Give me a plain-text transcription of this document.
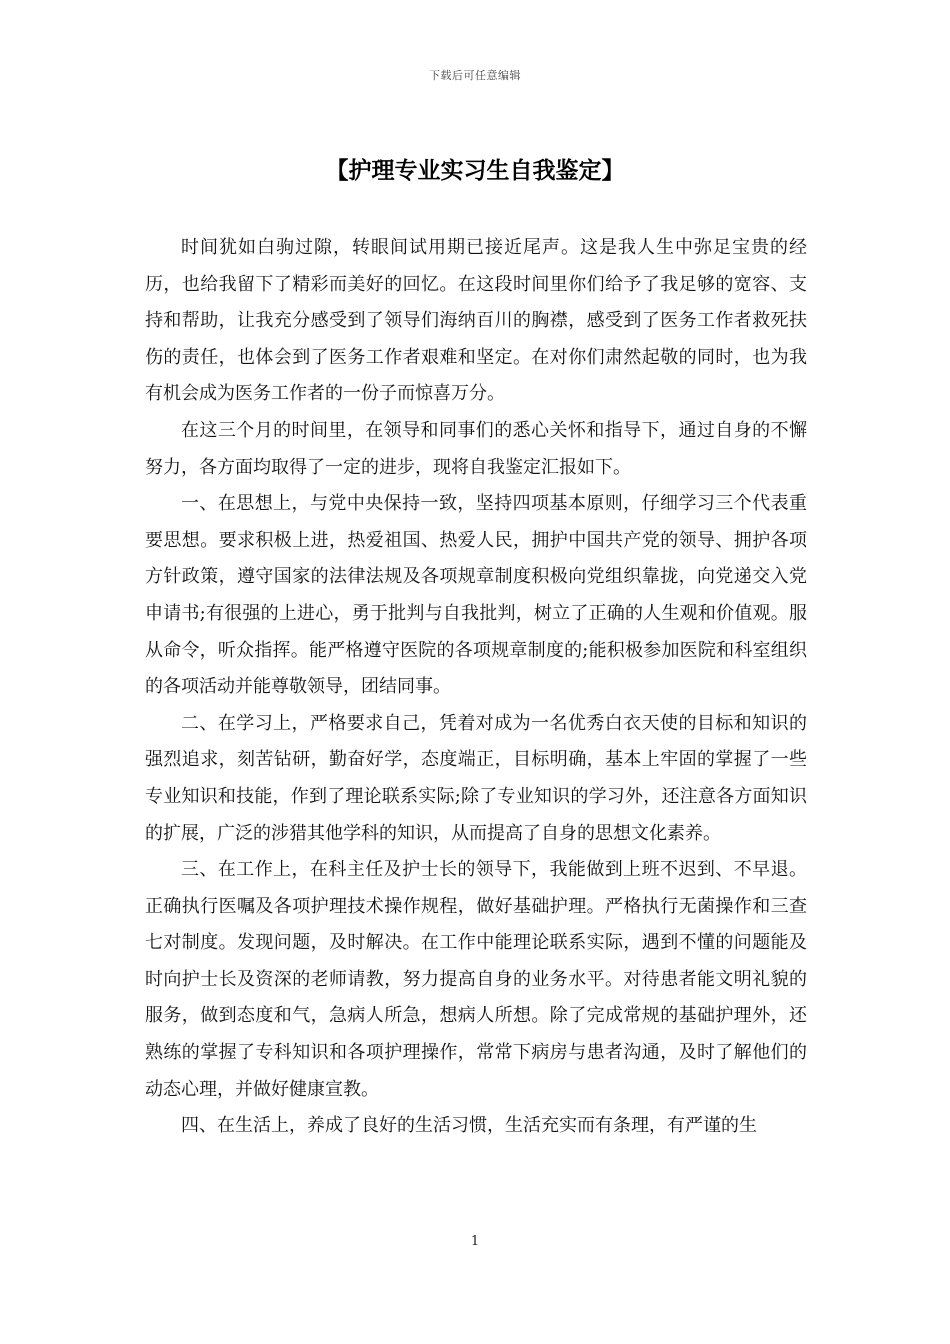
下载后可任意编辑
【护理专业实习生自我鉴定】

时间犹如白驹过隙，转眼间试用期已接近尾声。这是我人生中弥足宝贵的经历，也给我留下了精彩而美好的回忆。在这段时间里你们给予了我足够的宽容、支持和帮助，让我充分感受到了领导们海纳百川的胸襟，感受到了医务工作者救死扶伤的责任，也体会到了医务工作者艰难和坚定。在对你们肃然起敬的同时，也为我有机会成为医务工作者的一份子而惊喜万分。

在这三个月的时间里，在领导和同事们的悉心关怀和指导下，通过自身的不懈努力，各方面均取得了一定的进步，现将自我鉴定汇报如下。

一、在思想上，与党中央保持一致，坚持四项基本原则，仔细学习三个代表重要思想。要求积极上进，热爱祖国、热爱人民，拥护中国共产党的领导、拥护各项方针政策，遵守国家的法律法规及各项规章制度积极向党组织靠拢，向党递交入党申请书;有很强的上进心，勇于批判与自我批判，树立了正确的人生观和价值观。服从命令，听众指挥。能严格遵守医院的各项规章制度的;能积极参加医院和科室组织的各项活动并能尊敬领导，团结同事。

二、在学习上，严格要求自己，凭着对成为一名优秀白衣天使的目标和知识的强烈追求，刻苦钻研，勤奋好学，态度端正，目标明确，基本上牢固的掌握了一些专业知识和技能，作到了理论联系实际;除了专业知识的学习外，还注意各方面知识的扩展，广泛的涉猎其他学科的知识，从而提高了自身的思想文化素养。

三、在工作上，在科主任及护士长的领导下，我能做到上班不迟到、不早退。正确执行医嘱及各项护理技术操作规程，做好基础护理。严格执行无菌操作和三查七对制度。发现问题，及时解决。在工作中能理论联系实际，遇到不懂的问题能及时向护士长及资深的老师请教，努力提高自身的业务水平。对待患者能文明礼貌的服务，做到态度和气，急病人所急，想病人所想。除了完成常规的基础护理外，还熟练的掌握了专科知识和各项护理操作，常常下病房与患者沟通，及时了解他们的动态心理，并做好健康宣教。

四、在生活上，养成了良好的生活习惯，生活充实而有条理，有严谨的生

1
